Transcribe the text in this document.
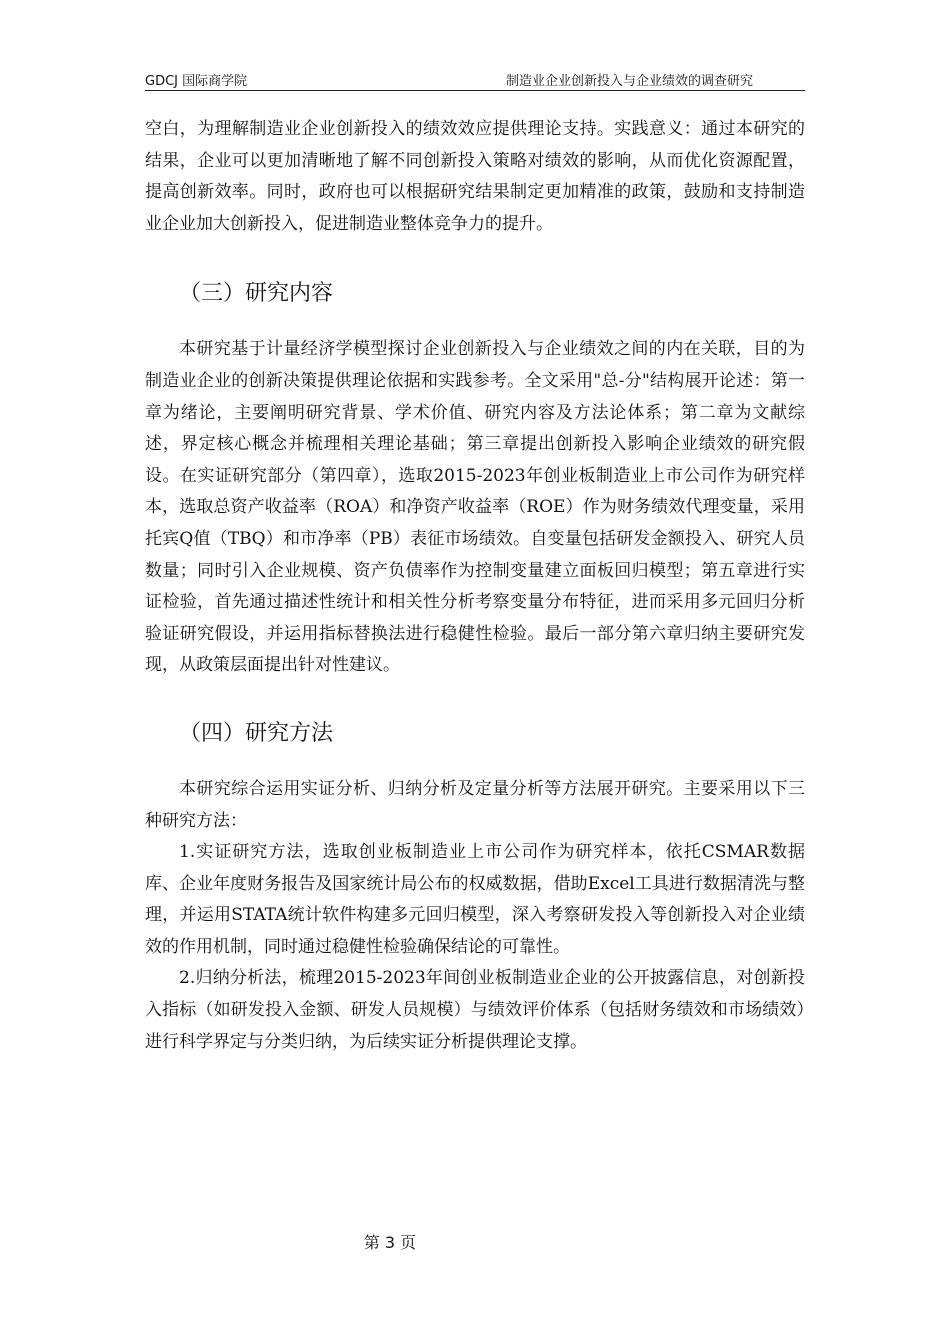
GDCJ 国际商学院	制造业企业创新投入与企业绩效的调查研究

空白，为理解制造业企业创新投入的绩效效应提供理论支持。实践意义：通过本研究的结果，企业可以更加清晰地了解不同创新投入策略对绩效的影响，从而优化资源配置，提高创新效率。同时，政府也可以根据研究结果制定更加精准的政策，鼓励和支持制造业企业加大创新投入，促进制造业整体竞争力的提升。

（三）研究内容

本研究基于计量经济学模型探讨企业创新投入与企业绩效之间的内在关联，目的为制造业企业的创新决策提供理论依据和实践参考。全文采用"总-分"结构展开论述：第一章为绪论，主要阐明研究背景、学术价值、研究内容及方法论体系；第二章为文献综述，界定核心概念并梳理相关理论基础；第三章提出创新投入影响企业绩效的研究假设。在实证研究部分（第四章），选取2015-2023年创业板制造业上市公司作为研究样本，选取总资产收益率（ROA）和净资产收益率（ROE）作为财务绩效代理变量，采用托宾Q值（TBQ）和市净率（PB）表征市场绩效。自变量包括研发金额投入、研究人员数量；同时引入企业规模、资产负债率作为控制变量建立面板回归模型；第五章进行实证检验，首先通过描述性统计和相关性分析考察变量分布特征，进而采用多元回归分析验证研究假设，并运用指标替换法进行稳健性检验。最后一部分第六章归纳主要研究发现，从政策层面提出针对性建议。

（四）研究方法

本研究综合运用实证分析、归纳分析及定量分析等方法展开研究。主要采用以下三种研究方法：

1.实证研究方法，选取创业板制造业上市公司作为研究样本，依托CSMAR数据库、企业年度财务报告及国家统计局公布的权威数据，借助Excel工具进行数据清洗与整理，并运用STATA统计软件构建多元回归模型，深入考察研发投入等创新投入对企业绩效的作用机制，同时通过稳健性检验确保结论的可靠性。

2.归纳分析法，梳理2015-2023年间创业板制造业企业的公开披露信息，对创新投入指标（如研发投入金额、研发人员规模）与绩效评价体系（包括财务绩效和市场绩效）进行科学界定与分类归纳，为后续实证分析提供理论支撑。

第 3 页
